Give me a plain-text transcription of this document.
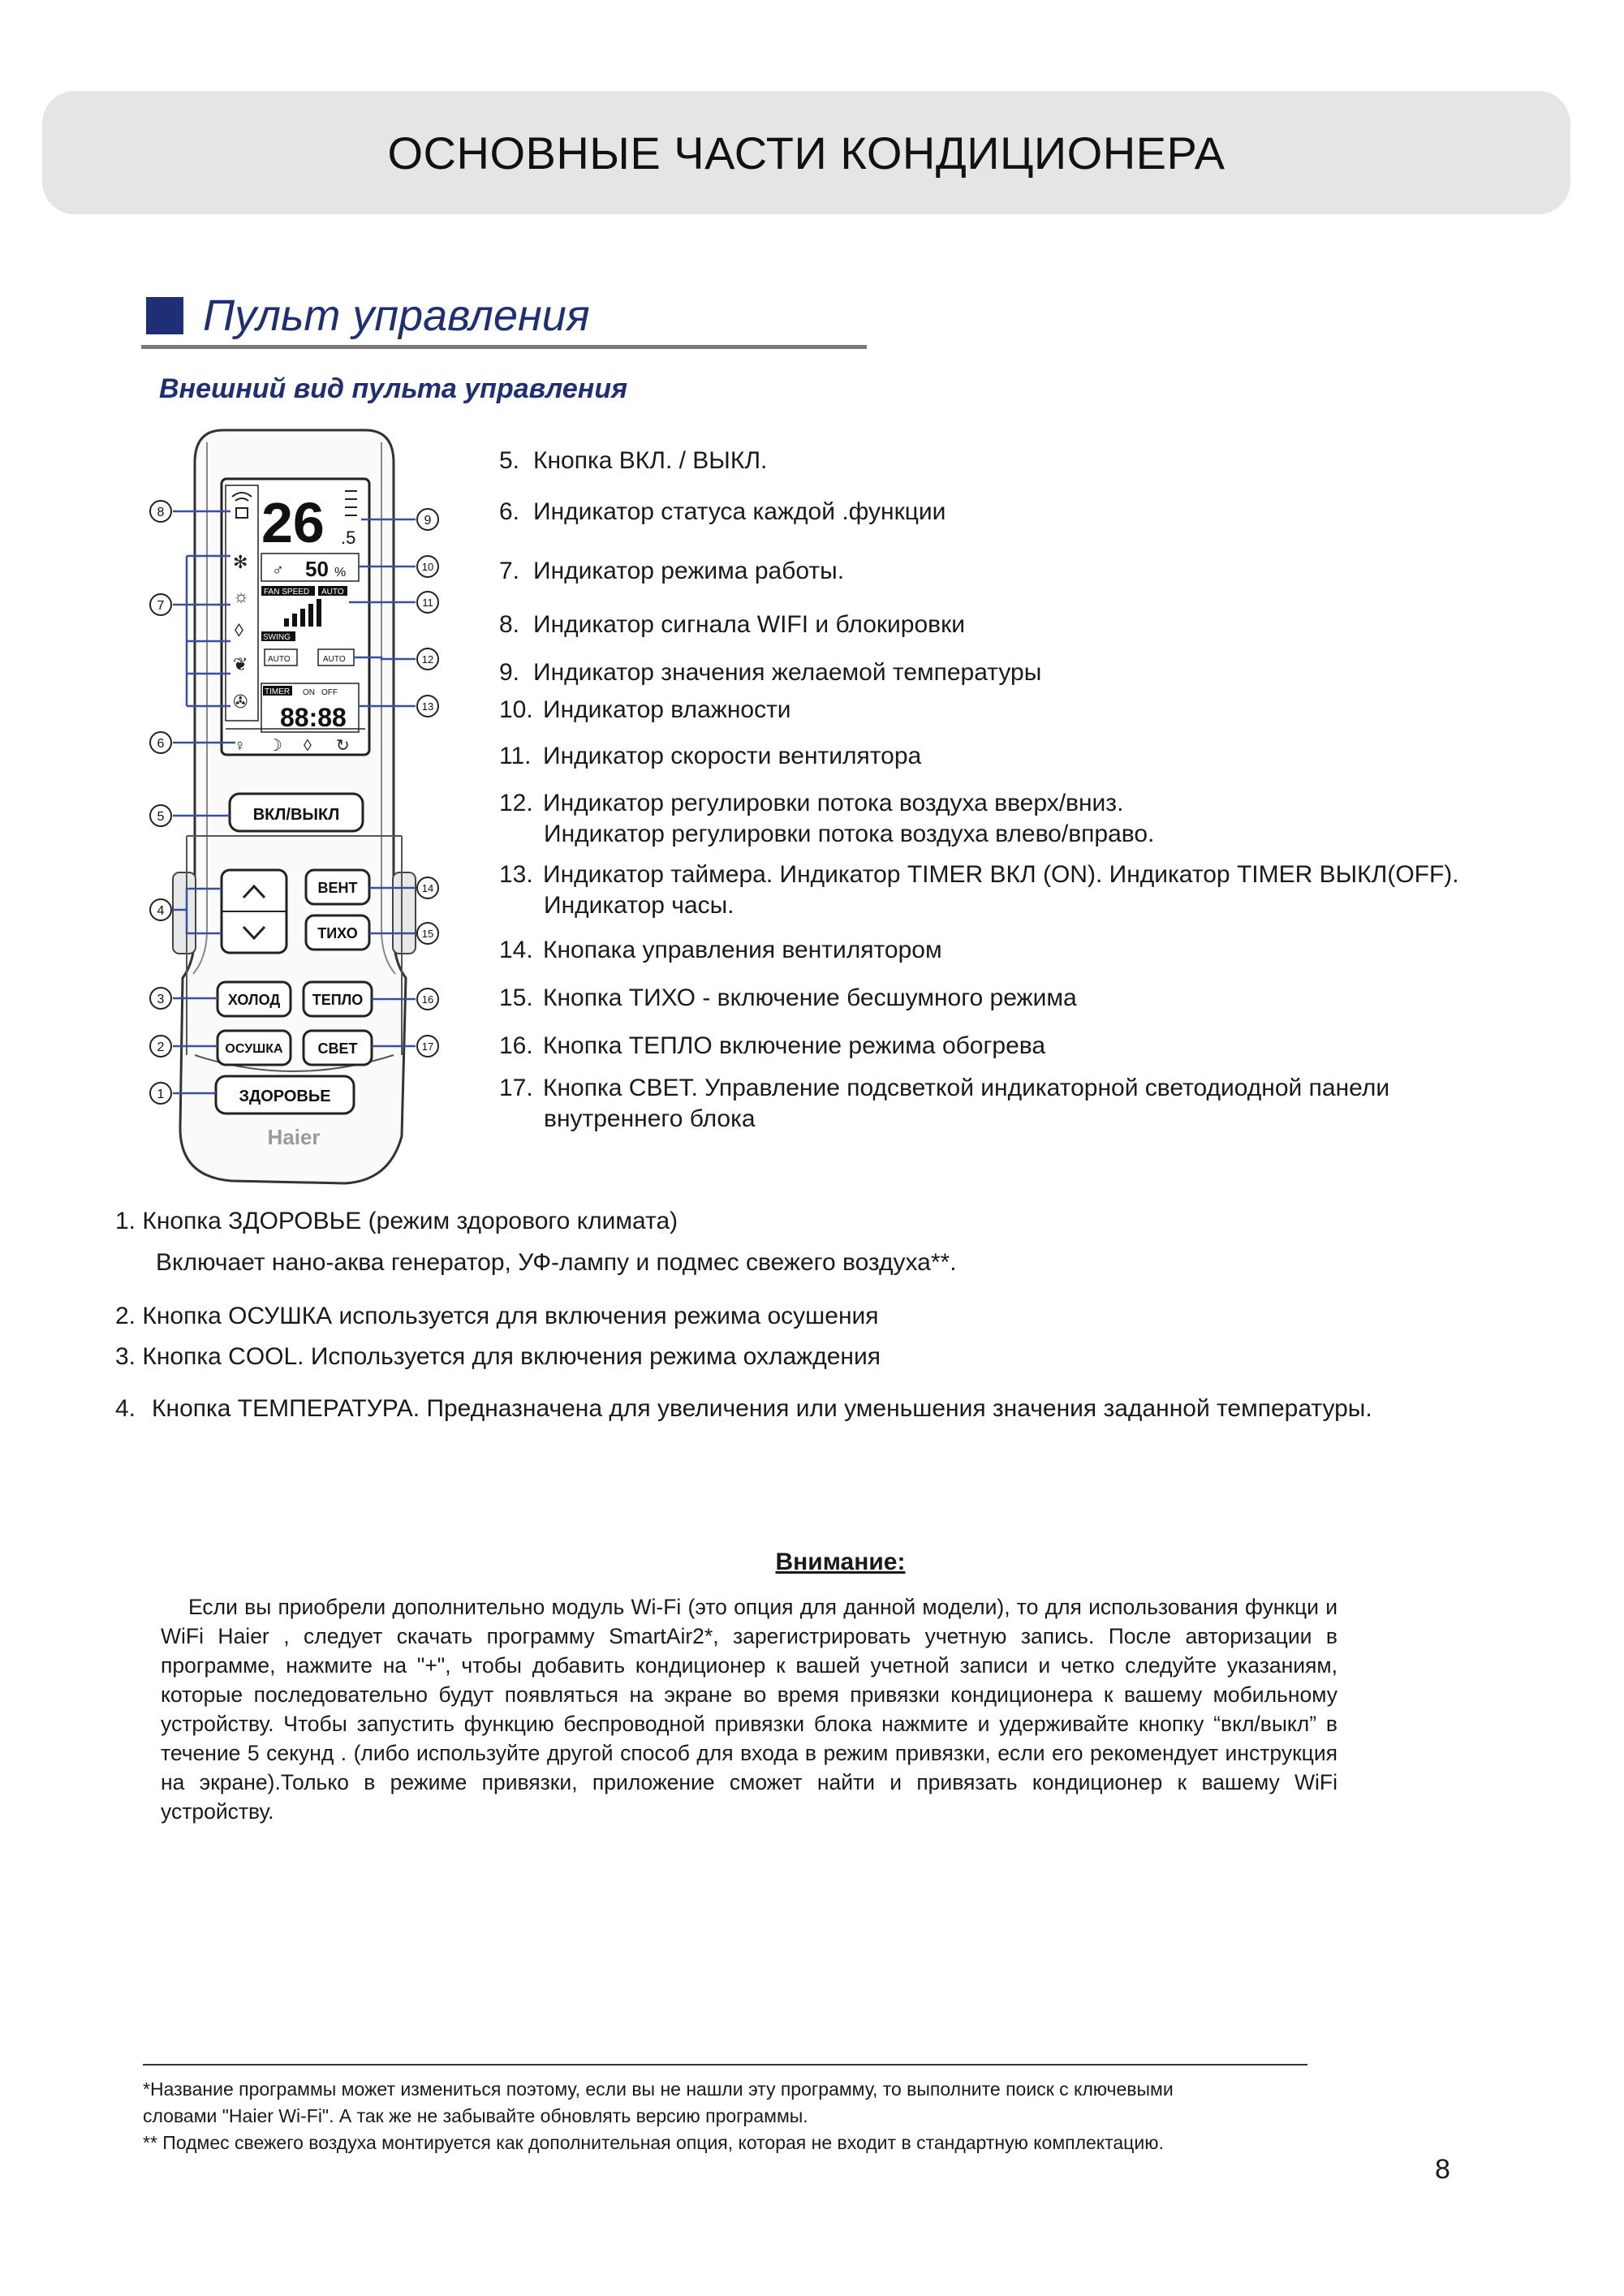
ОСНОВНЫЕ ЧАСТИ КОНДИЦИОНЕРА
Пульт управления
Внешний вид пульта управления
✻
☼
◊
❦
✇
26 .5
♂ 50 %
FAN SPEED AUTO
SWING
AUTO	AUTO
TIMER ON OFF
88:88
♀ ☽ ◊ ↻
ВКЛ/ВЫКЛ
ВЕНТ
ТИХО
ХОЛОД ТЕПЛО
ОСУШКА СВЕТ
ЗДОРОВЬЕ
Haier
8
7
6
5
4
3
2
1
9
10
11
12
13
14
15
16
17
5. Кнопка ВКЛ. / ВЫКЛ.
6. Индикатор статуса каждой .функции
7. Индикатор режима работы.
8. Индикатор сигнала WIFI и блокировки
9. Индикатор значения желаемой температуры
10. Индикатор влажности
11. Индикатор скорости вентилятора
12. Индикатор регулировки потока воздуха вверх/вниз.
Индикатор регулировки потока воздуха влево/вправо.
13. Индикатор таймера. Индикатор TIMER ВКЛ (ON). Индикатор TIMER ВЫКЛ(OFF).
Индикатор часы.
14. Кнопака управления вентилятором
15. Кнопка ТИХО - включение бесшумного режима
16. Кнопка ТЕПЛО включение режима обогрева
17. Кнопка СВЕТ. Управление подсветкой индикаторной светодиодной панели
внутреннего блока
1. Кнопка ЗДОРОВЬЕ (режим здорового климата)
Включает нано-аква генератор, УФ-лампу и подмес свежего воздуха**.
2. Кнопка ОСУШКА используется для включения режима осушения
3. Кнопка COOL. Используется для включения режима охлаждения
4. Кнопка ТЕМПЕРАТУРА. Предназначена для увеличения или уменьшения значения заданной температуры.
Внимание:

Если вы приобрели дополнительно модуль Wi-Fi (это опция для данной модели), то для использования функци и WiFi Haier , следует скачать программу SmartAir2*, зарегистрировать учетную запись. После авторизации в программе, нажмите на "+", чтобы добавить кондиционер к вашей учетной записи и четко следуйте указаниям, которые последовательно будут появляться на экране во время привязки кондиционера к вашему мобильному устройству. Чтобы запустить функцию беспроводной привязки блока нажмите и удерживайте кнопку “вкл/выкл” в течение 5 секунд . (либо используйте другой способ для входа в режим привязки, если его рекомендует инструкция на экране).Только в режиме привязки, приложение сможет найти и привязать кондиционер к вашему WiFi устройству.

*Название программы может измениться поэтому, если вы не нашли эту программу, то выполните поиск с ключевыми
словами "Haier Wi-Fi". А так же не забывайте обновлять версию программы.
** Подмес свежего воздуха монтируется как дополнительная опция, которая не входит в стандартную комплектацию.
8
